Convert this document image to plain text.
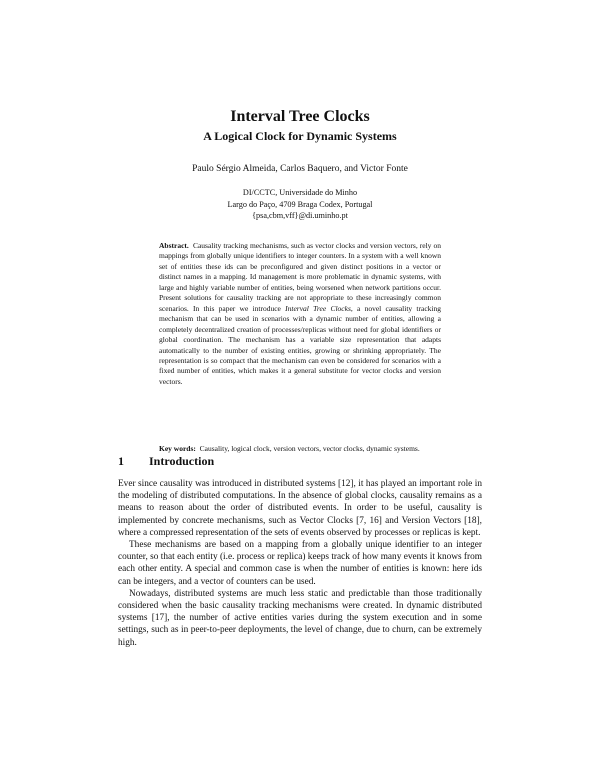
Interval Tree Clocks
A Logical Clock for Dynamic Systems
Paulo Sérgio Almeida, Carlos Baquero, and Victor Fonte
DI/CCTC, Universidade do Minho
Largo do Paço, 4709 Braga Codex, Portugal
{psa,cbm,vff}@di.uminho.pt
Abstract. Causality tracking mechanisms, such as vector clocks and version vectors, rely on mappings from globally unique identifiers to integer counters. In a system with a well known set of entities these ids can be preconfigured and given distinct positions in a vector or distinct names in a mapping. Id management is more problematic in dynamic systems, with large and highly variable number of entities, being worsened when network partitions occur. Present solutions for causality tracking are not appropriate to these increasingly common scenarios. In this paper we introduce Interval Tree Clocks, a novel causality tracking mechanism that can be used in scenarios with a dynamic number of entities, allowing a completely decentralized creation of processes/replicas without need for global identifiers or global coordination. The mechanism has a variable size representation that adapts automatically to the number of existing entities, growing or shrinking appropriately. The representation is so compact that the mechanism can even be considered for scenarios with a fixed number of entities, which makes it a general substitute for vector clocks and version vectors.
Key words: Causality, logical clock, version vectors, vector clocks, dynamic systems.
1 Introduction

Ever since causality was introduced in distributed systems [12], it has played an important role in the modeling of distributed computations. In the absence of global clocks, causality remains as a means to reason about the order of distributed events. In order to be useful, causality is implemented by concrete mechanisms, such as Vector Clocks [7, 16] and Version Vectors [18], where a compressed representation of the sets of events observed by processes or replicas is kept.

These mechanisms are based on a mapping from a globally unique identifier to an integer counter, so that each entity (i.e. process or replica) keeps track of how many events it knows from each other entity. A special and common case is when the number of entities is known: here ids can be integers, and a vector of counters can be used.

Nowadays, distributed systems are much less static and predictable than those traditionally considered when the basic causality tracking mechanisms were created. In dynamic distributed systems [17], the number of active entities varies during the system execution and in some settings, such as in peer-to-peer deployments, the level of change, due to churn, can be extremely high.
